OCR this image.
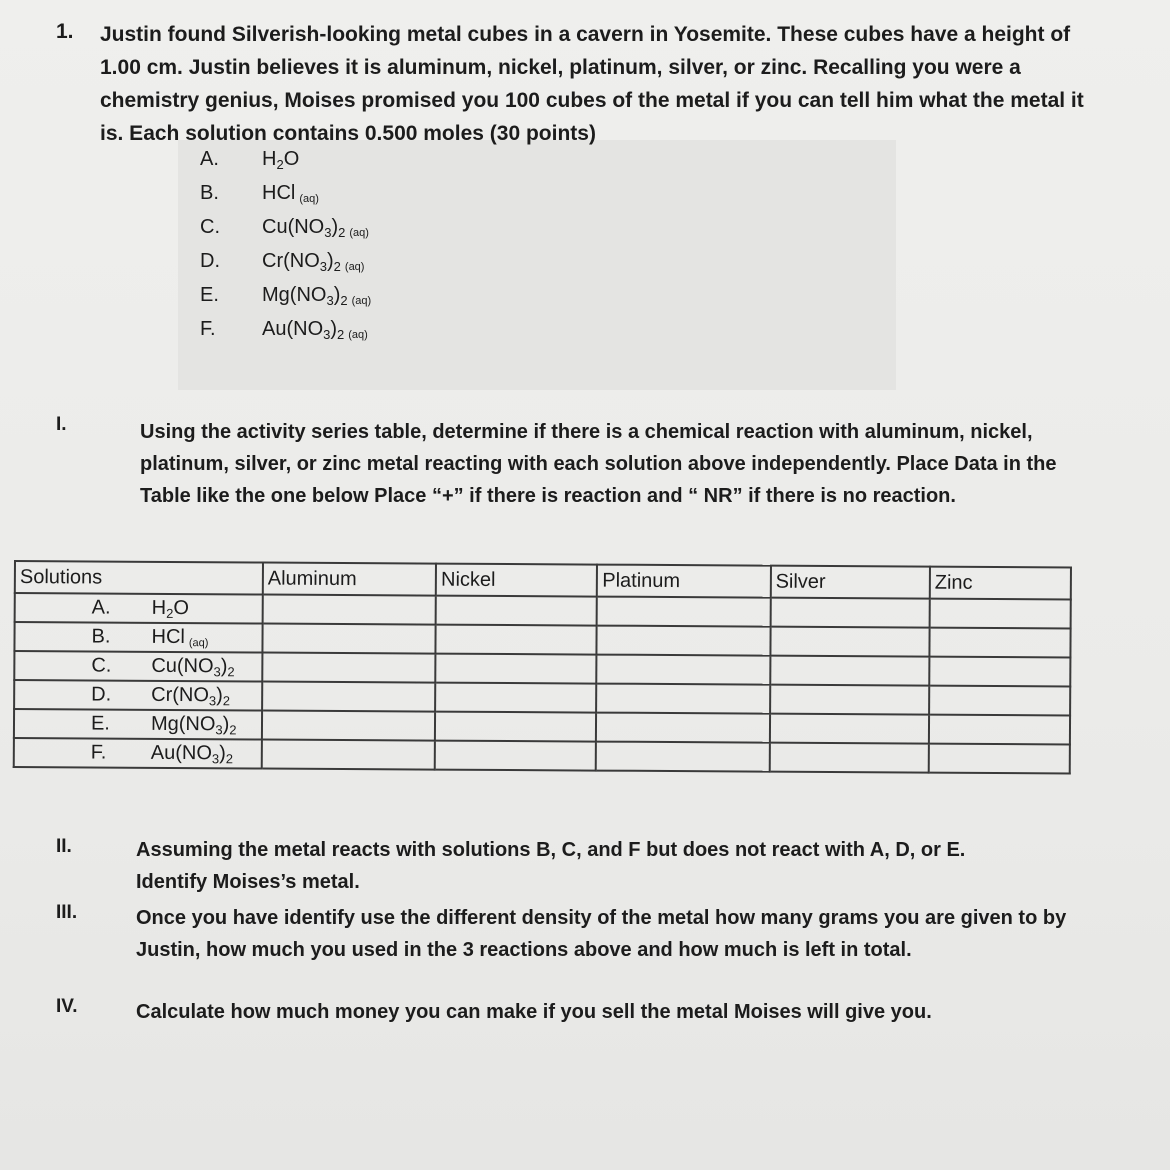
1. Justin found Silverish-looking metal cubes in a cavern in Yosemite. These cubes have a height of 1.00 cm. Justin believes it is aluminum, nickel, platinum, silver, or zinc. Recalling you were a chemistry genius, Moises promised you 100 cubes of the metal if you can tell him what the metal it is. Each solution contains 0.500 moles (30 points)
A.	$H_2O$
B.	HCl (aq)
C.	$Cu(NO_3)_2$ (aq)
D.	$Cr(NO_3)_2$ (aq)
E.	$Mg(NO_3)_2$ (aq)
F.	$Au(NO_3)_2$ (aq)
I.	Using the activity series table, determine if there is a chemical reaction with aluminum, nickel, platinum, silver, or zinc metal reacting with each solution above independently. Place Data in the Table like the one below Place “+” if there is reaction and “ NR” if there is no reaction.
Solutions	Aluminum	Nickel	Platinum	Silver	Zinc

A. $H_2O$					

B. HCl (aq)					

C. $Cu(NO_3)_2$

D. $Cr(NO_3)_2$

E. $Mg(NO_3)_2$

F. $Au(NO_3)_2$

II.	Assuming the metal reacts with solutions B, C, and F but does not react with A, D, or E. Identify Moises’s metal.
III.	Once you have identify use the different density of the metal how many grams you are given to by Justin, how much you used in the 3 reactions above and how much is left in total.
IV.	Calculate how much money you can make if you sell the metal Moises will give you.
